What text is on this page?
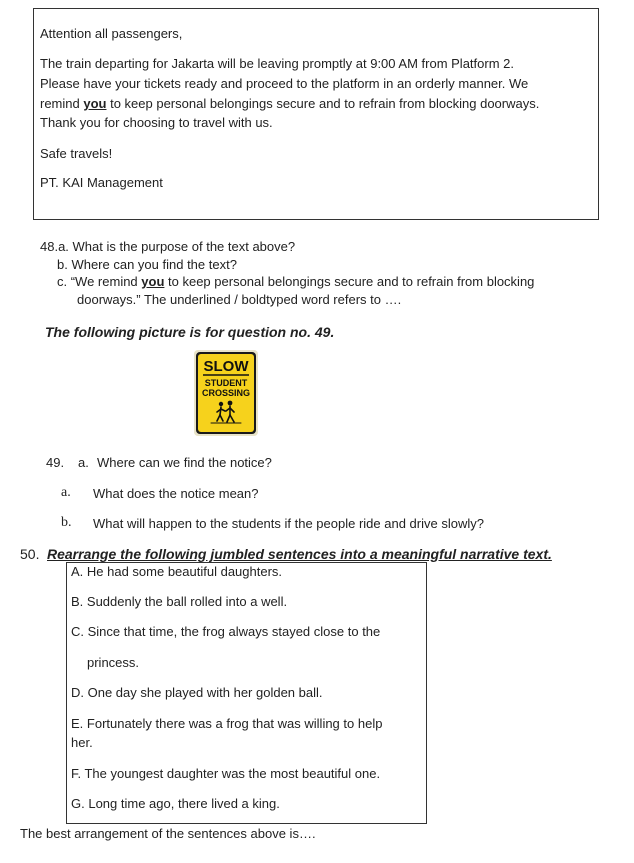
Attention all passengers,
The train departing for Jakarta will be leaving promptly at 9:00 AM from Platform 2.
Please have your tickets ready and proceed to the platform in an orderly manner. We
remind you to keep personal belongings secure and to refrain from blocking doorways.
Thank you for choosing to travel with us.
Safe travels!
PT. KAI Management
48.a. What is the purpose of the text above?
b. Where can you find the text?
c. “We remind you to keep personal belongings secure and to refrain from blocking
doorways.” The underlined / boldtyped word refers to ….
The following picture is for question no. 49.
SLOW
STUDENT
CROSSING
49. a. Where can we find the notice?
a. What does the notice mean?
b. What will happen to the students if the people ride and drive slowly?
50. Rearrange the following jumbled sentences into a meaningful narrative text.
A. He had some beautiful daughters.
B. Suddenly the ball rolled into a well.
C. Since that time, the frog always stayed close to the
princess.
D. One day she played with her golden ball.
E. Fortunately there was a frog that was willing to help
her.
F. The youngest daughter was the most beautiful one.
G. Long time ago, there lived a king.
The best arrangement of the sentences above is….
